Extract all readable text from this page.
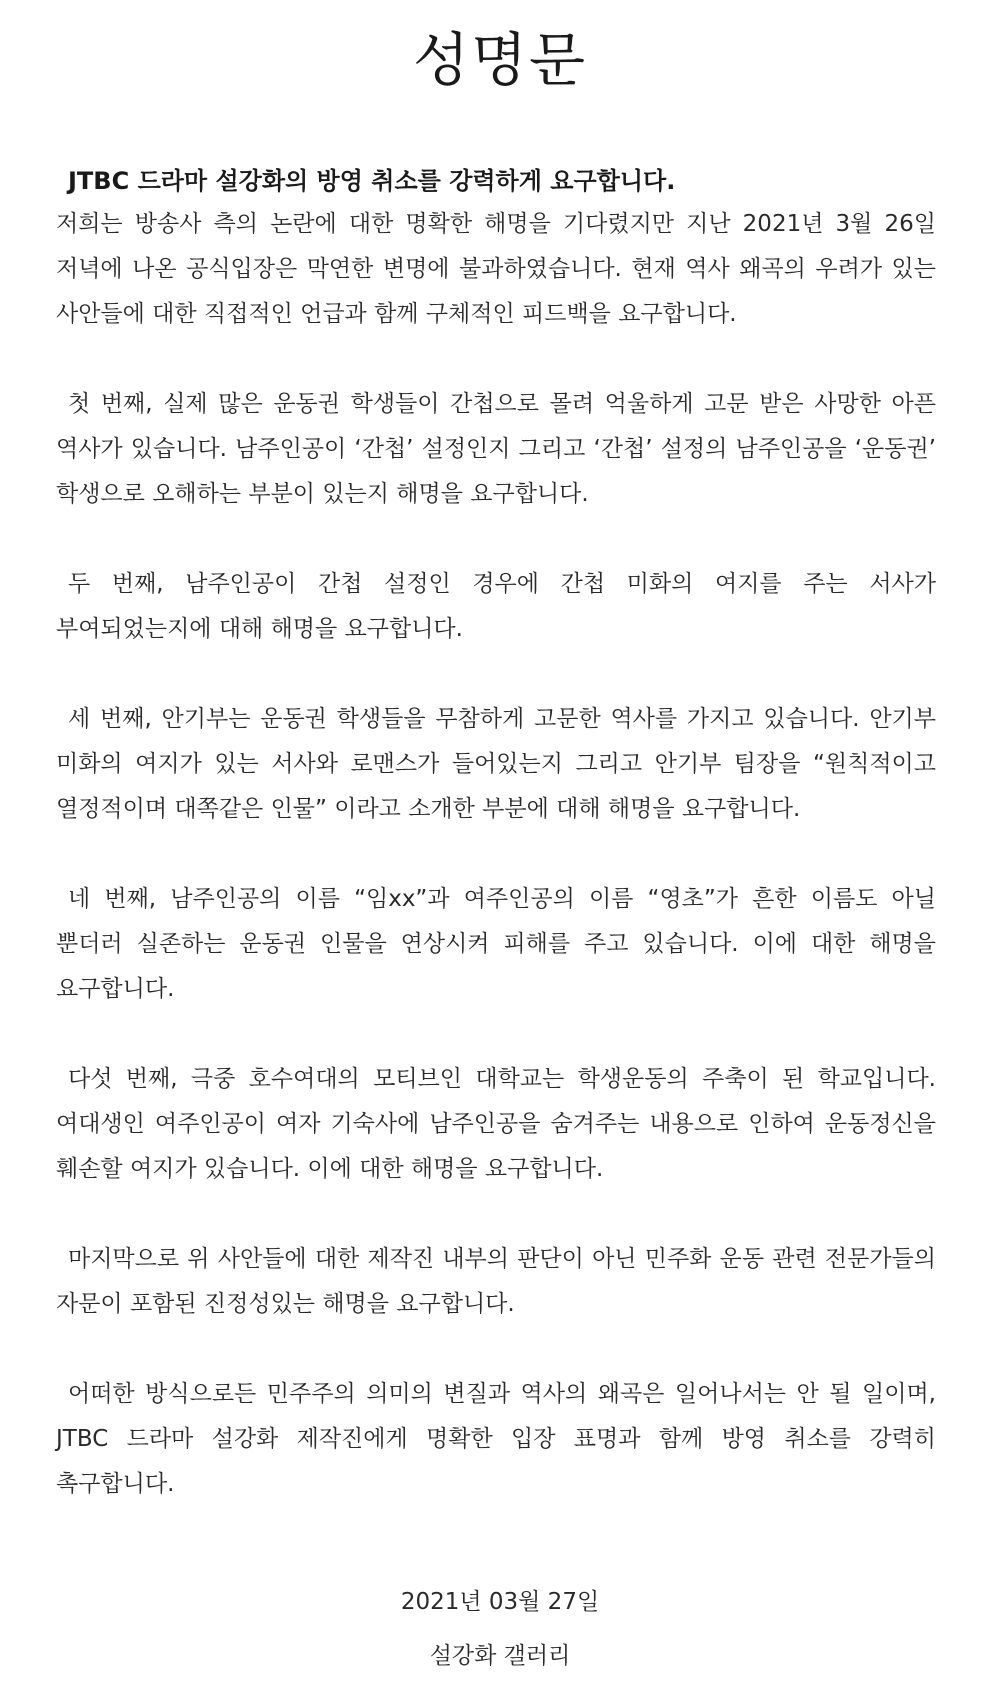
성명문

JTBC 드라마 설강화의 방영 취소를 강력하게 요구합니다.

저희는 방송사 측의 논란에 대한 명확한 해명을 기다렸지만 지난 2021년 3월 26일 저녁에 나온 공식입장은 막연한 변명에 불과하였습니다. 현재 역사 왜곡의 우려가 있는 사안들에 대한 직접적인 언급과 함께 구체적인 피드백을 요구합니다.

첫 번째, 실제 많은 운동권 학생들이 간첩으로 몰려 억울하게 고문 받은 사망한 아픈 역사가 있습니다. 남주인공이 ‘간첩’ 설정인지 그리고 ‘간첩’ 설정의 남주인공을 ‘운동권’ 학생으로 오해하는 부분이 있는지 해명을 요구합니다.

두 번째, 남주인공이 간첩 설정인 경우에 간첩 미화의 여지를 주는 서사가 부여되었는지에 대해 해명을 요구합니다.

세 번째, 안기부는 운동권 학생들을 무참하게 고문한 역사를 가지고 있습니다. 안기부 미화의 여지가 있는 서사와 로맨스가 들어있는지 그리고 안기부 팀장을 “원칙적이고 열정적이며 대쪽같은 인물” 이라고 소개한 부분에 대해 해명을 요구합니다.

네 번째, 남주인공의 이름 “임xx”과 여주인공의 이름 “영초”가 흔한 이름도 아닐 뿐더러 실존하는 운동권 인물을 연상시켜 피해를 주고 있습니다. 이에 대한 해명을 요구합니다.

다섯 번째, 극중 호수여대의 모티브인 대학교는 학생운동의 주축이 된 학교입니다. 여대생인 여주인공이 여자 기숙사에 남주인공을 숨겨주는 내용으로 인하여 운동정신을 훼손할 여지가 있습니다. 이에 대한 해명을 요구합니다.

마지막으로 위 사안들에 대한 제작진 내부의 판단이 아닌 민주화 운동 관련 전문가들의 자문이 포함된 진정성있는 해명을 요구합니다.

어떠한 방식으로든 민주주의 의미의 변질과 역사의 왜곡은 일어나서는 안 될 일이며, JTBC 드라마 설강화 제작진에게 명확한 입장 표명과 함께 방영 취소를 강력히 촉구합니다.

2021년 03월 27일
설강화 갤러리
